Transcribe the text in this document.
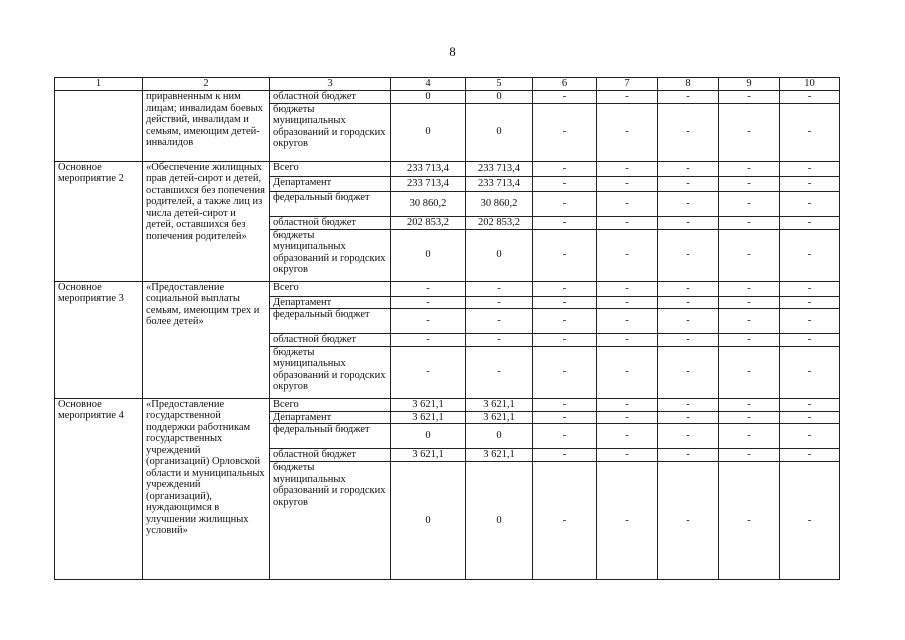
8
1	2	3	4	5	6	7	8	9	10
	приравненным к ним лицам; инвалидам боевых действий, инвалидам и семьям, имеющим детей-инвалидов	областной бюджет	0	0	-	-	-	-	-
		бюджеты муниципальных образований и городских округов	0	0	-	-	-	-	-
Основное мероприятие 2	«Обеспечение жилищных прав детей-сирот и детей, оставшихся без попечения родителей, а также лиц из числа детей-сирот и детей, оставшихся без попечения родителей»	Всего	233 713,4	233 713,4	-	-	-	-	-
		Департамент	233 713,4	233 713,4	-	-	-	-	-
		федеральный бюджет	30 860,2	30 860,2	-	-	-	-	-
		областной бюджет	202 853,2	202 853,2	-	-	-	-	-
		бюджеты муниципальных образований и городских округов	0	0	-	-	-	-	-
Основное мероприятие 3	«Предоставление социальной выплаты семьям, имеющим трех и более детей»	Всего	-	-	-	-	-	-	-
		Департамент	-	-	-	-	-	-	-
		федеральный бюджет	-	-	-	-	-	-	-
		областной бюджет	-	-	-	-	-	-	-
		бюджеты муниципальных образований и городских округов	-	-	-	-	-	-	-
Основное мероприятие 4	«Предоставление государственной поддержки работникам государственных учреждений (организаций) Орловской области и муниципальных учреждений (организаций), нуждающимся в улучшении жилищных условий»	Всего	3 621,1	3 621,1	-	-	-	-	-
		Департамент	3 621,1	3 621,1	-	-	-	-	-
		федеральный бюджет	0	0	-	-	-	-	-
		областной бюджет	3 621,1	3 621,1	-	-	-	-	-
		бюджеты муниципальных образований и городских округов	0	0	-	-	-	-	-
